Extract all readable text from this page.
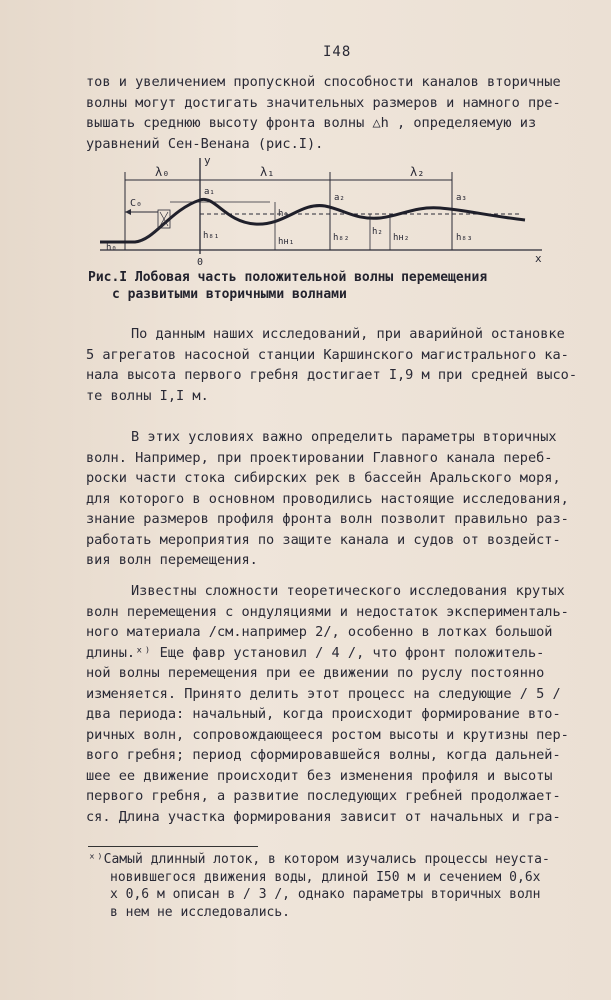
I48
тов и увеличением пропускной способности каналов вторичные
волны могут достигать значительных размеров и намного пре-
вышать среднюю высоту фронта волны △h , определяемую из
уравнений Сен-Венана (рис.I).
λ₀	λ₁	λ₂
y
0	x
h₀
C₀
a₁
a₂	a₃
h₈₁
hн₁
h₁
h₈₂
h₂
hн₂	h₈₃
Рис.I Лобовая часть положительной волны перемещения
с развитыми вторичными волнами
По данным наших исследований, при аварийной остановке
5 агрегатов насосной станции Каршинского магистрального ка-
нала высота первого гребня достигает I,9 м при средней высо-
те волны I,I м.
В этих условиях важно определить параметры вторичных
волн. Например, при проектировании Главного канала переб-
роски части стока сибирских рек в бассейн Аральского моря,
для которого в основном проводились настоящие исследования,
знание размеров профиля фронта волн позволит правильно раз-
работать мероприятия по защите канала и судов от воздейст-
вия волн перемещения.
Известны сложности теоретического исследования крутых
волн перемещения с ондуляциями и недостаток эксперименталь-
ного материала /см.например 2/, особенно в лотках большой
длины.ˣ⁾ Еще фавр установил / 4 /, что фронт положитель-
ной волны перемещения при ее движении по руслу постоянно
изменяется. Принято делить этот процесс на следующие / 5 /
два периода: начальный, когда происходит формирование вто-
ричных волн, сопровождающееся ростом высоты и крутизны пер-
вого гребня; период сформировавшейся волны, когда дальней-
шее ее движение происходит без изменения профиля и высоты
первого гребня, а развитие последующих гребней продолжает-
ся. Длина участка формирования зависит от начальных и гра-
ˣ⁾Самый длинный лоток, в котором изучались процессы неуста-
новившегося движения воды, длиной I50 м и сечением 0,6х
х 0,6 м описан в / 3 /, однако параметры вторичных волн
в нем не исследовались.
